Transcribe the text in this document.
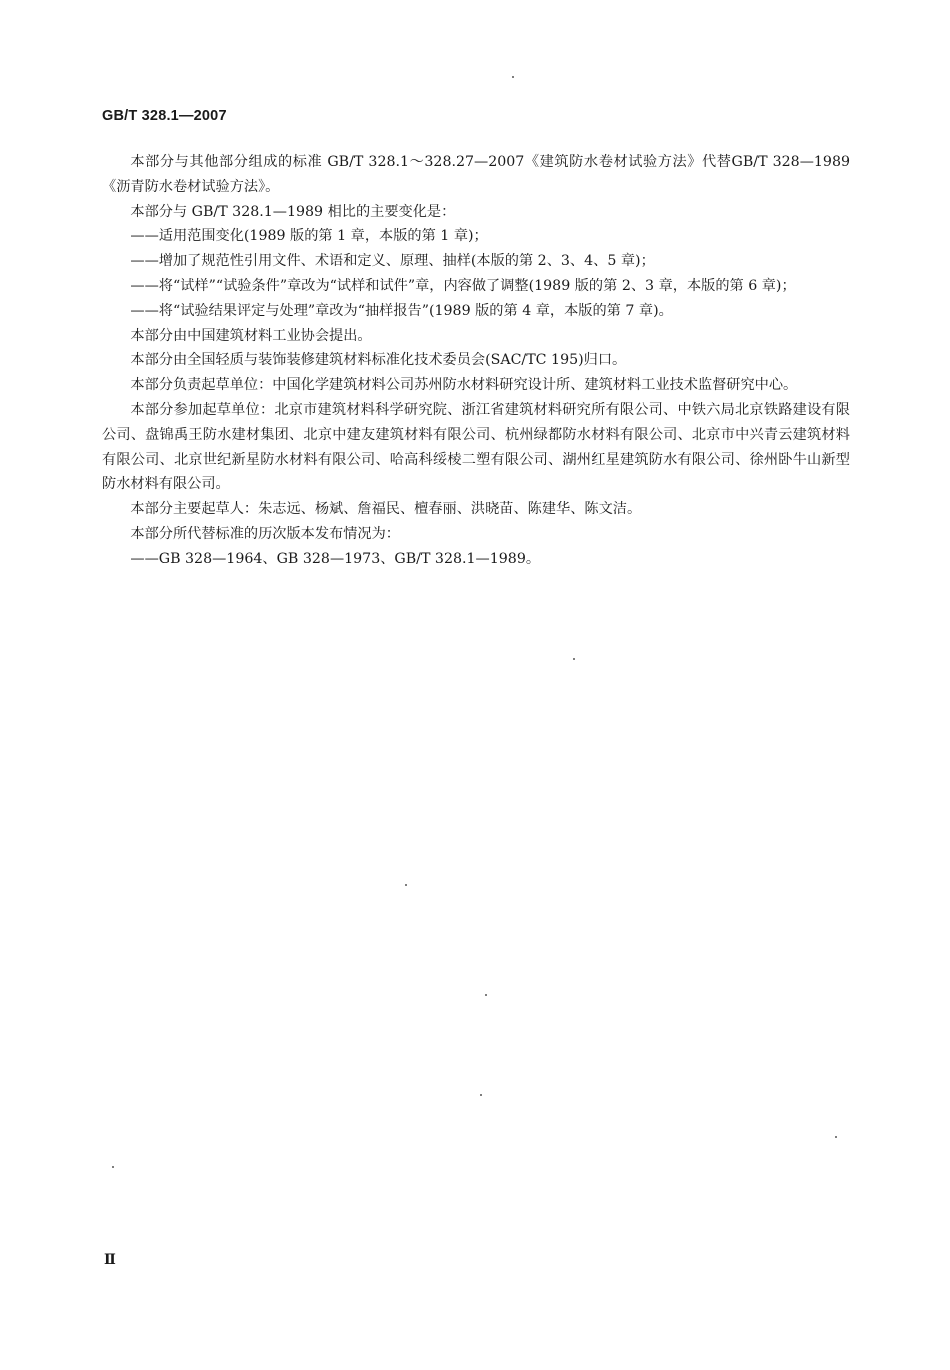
GB/T 328.1—2007

本部分与其他部分组成的标准 GB/T 328.1～328.27—2007《建筑防水卷材试验方法》代替GB/T 328—1989《沥青防水卷材试验方法》。

本部分与 GB/T 328.1—1989 相比的主要变化是：

——适用范围变化(1989 版的第 1 章，本版的第 1 章)；

——增加了规范性引用文件、术语和定义、原理、抽样(本版的第 2、3、4、5 章)；

——将“试样”“试验条件”章改为“试样和试件”章，内容做了调整(1989 版的第 2、3 章，本版的第 6 章)；

——将“试验结果评定与处理”章改为“抽样报告”(1989 版的第 4 章，本版的第 7 章)。

本部分由中国建筑材料工业协会提出。

本部分由全国轻质与装饰装修建筑材料标准化技术委员会(SAC/TC 195)归口。

本部分负责起草单位：中国化学建筑材料公司苏州防水材料研究设计所、建筑材料工业技术监督研究中心。

本部分参加起草单位：北京市建筑材料科学研究院、浙江省建筑材料研究所有限公司、中铁六局北京铁路建设有限公司、盘锦禹王防水建材集团、北京中建友建筑材料有限公司、杭州绿都防水材料有限公司、北京市中兴青云建筑材料有限公司、北京世纪新星防水材料有限公司、哈高科绥棱二塑有限公司、湖州红星建筑防水有限公司、徐州卧牛山新型防水材料有限公司。

本部分主要起草人：朱志远、杨斌、詹福民、檀春丽、洪晓苗、陈建华、陈文洁。

本部分所代替标准的历次版本发布情况为：

——GB 328—1964、GB 328—1973、GB/T 328.1—1989。

Ⅱ
